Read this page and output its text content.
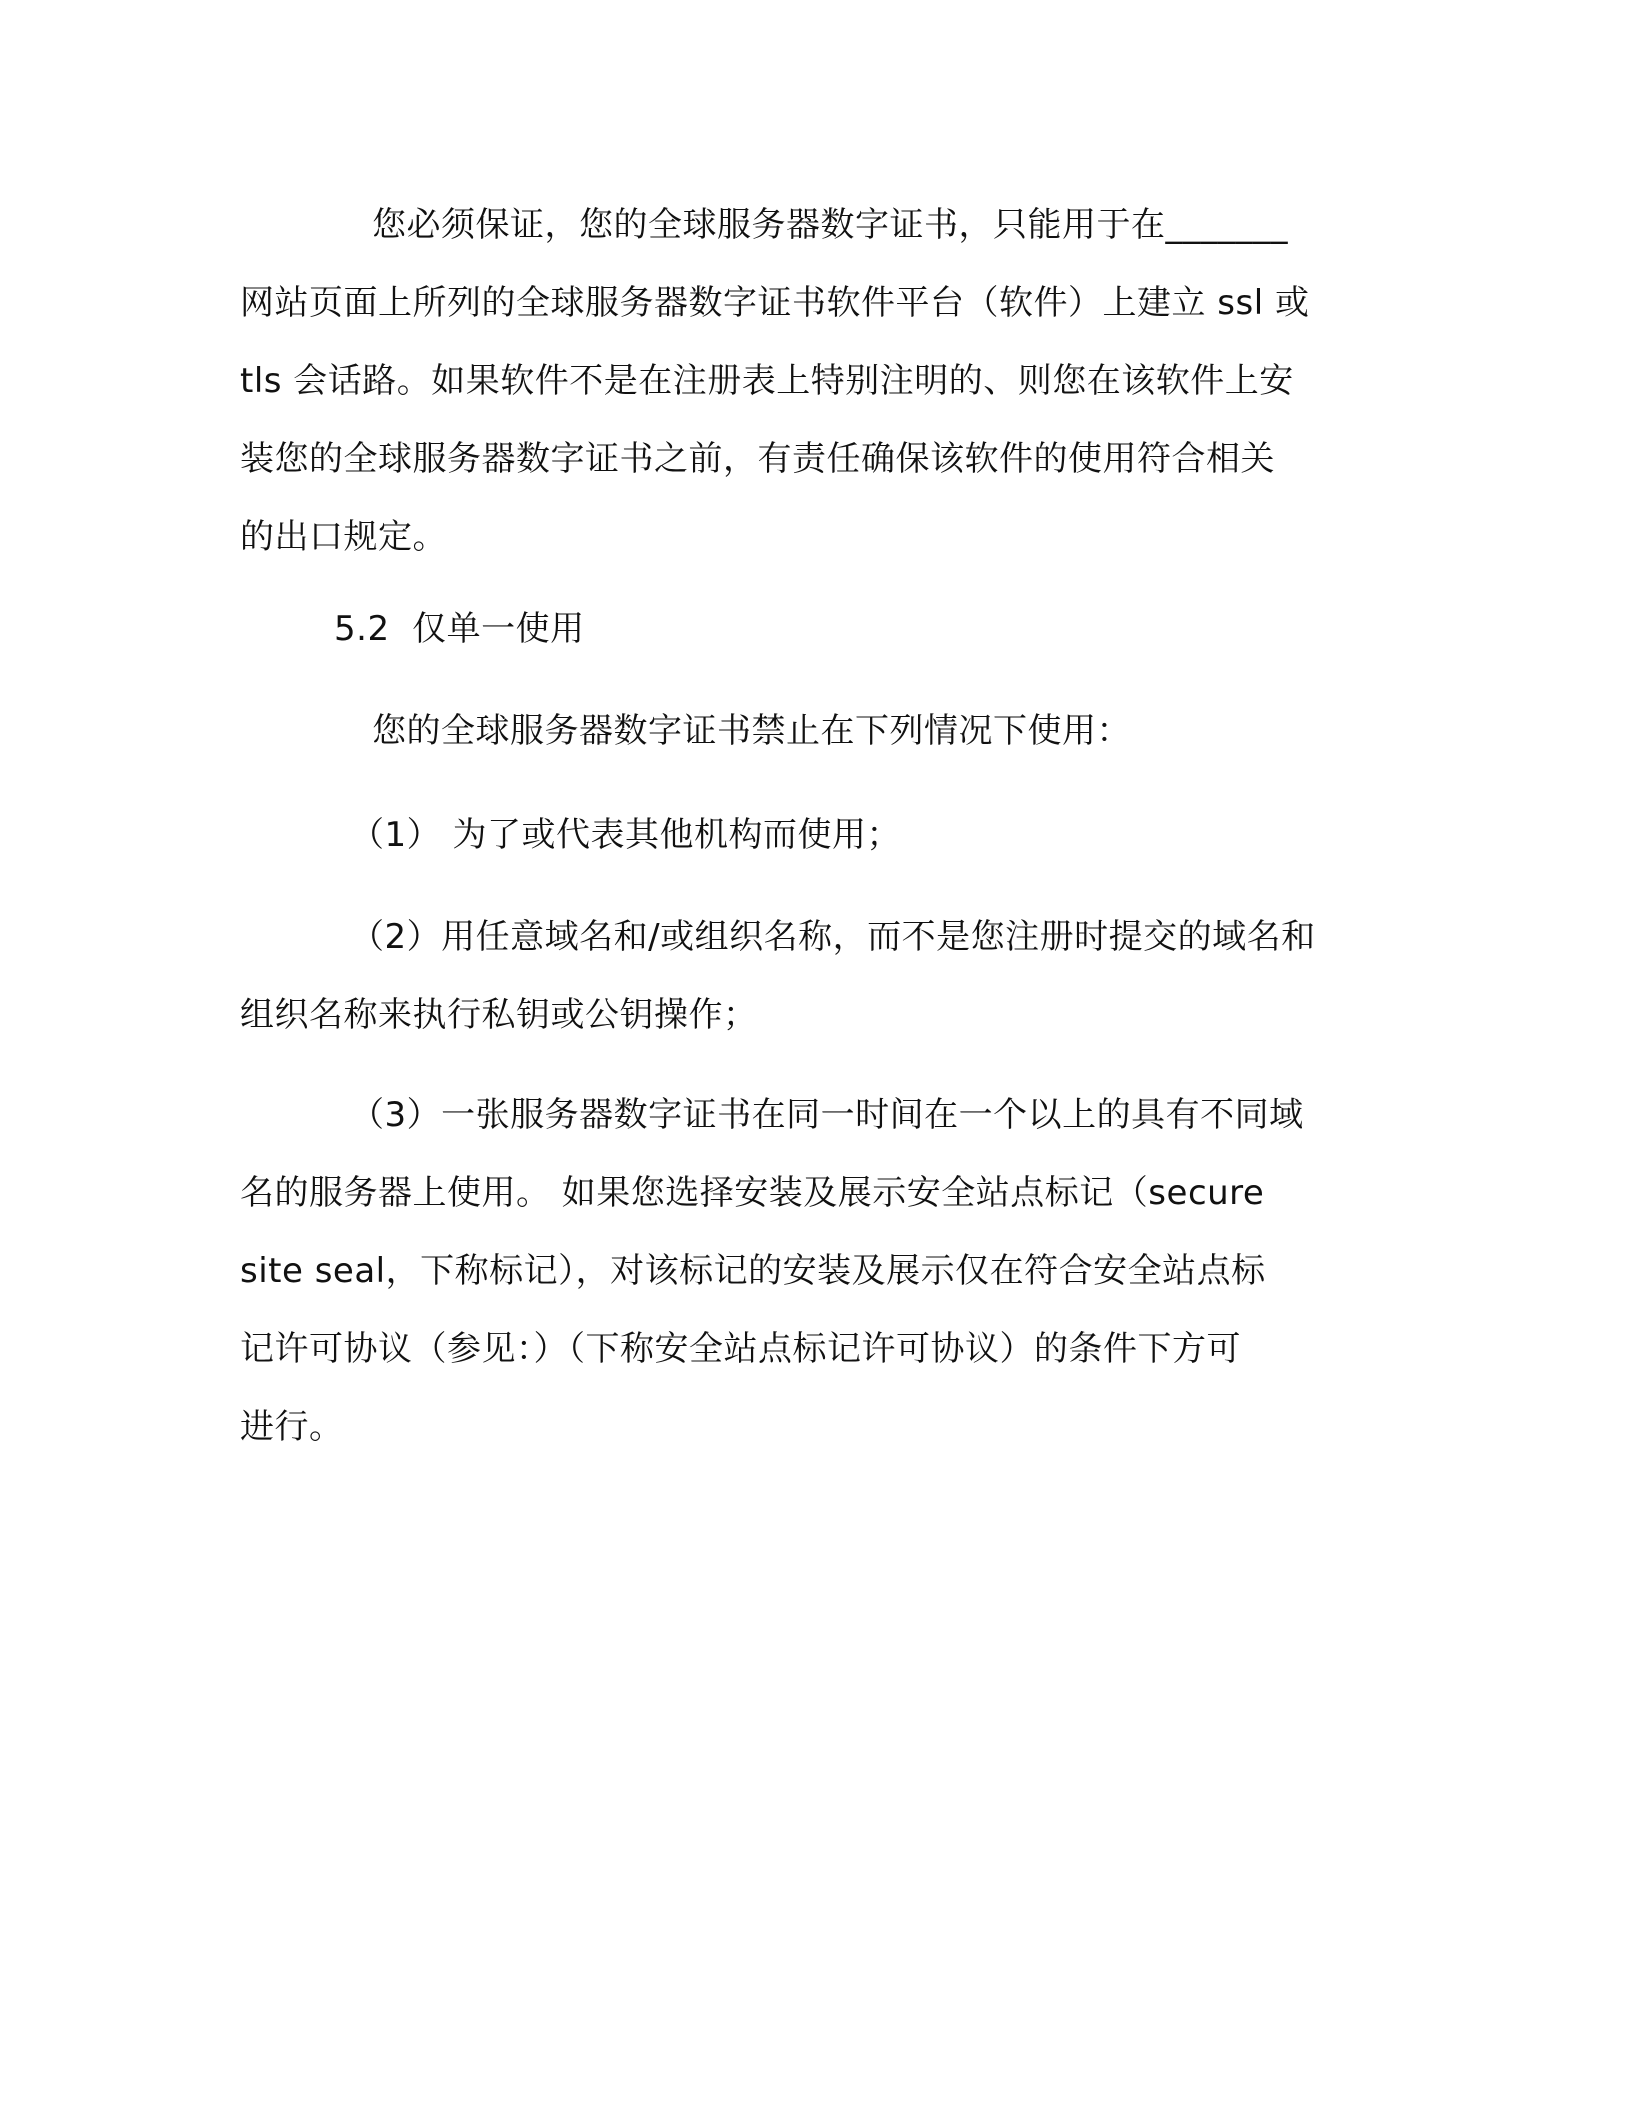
您必须保证，您的全球服务器数字证书，只能用于在_______
网站页面上所列的全球服务器数字证书软件平台（软件）上建立 ssl 或
tls 会话路。如果软件不是在注册表上特别注明的、则您在该软件上安
装您的全球服务器数字证书之前，有责任确保该软件的使用符合相关
的出口规定。
5.2  仅单一使用
您的全球服务器数字证书禁止在下列情况下使用：
（1） 为了或代表其他机构而使用；
（2）用任意域名和/或组织名称，而不是您注册时提交的域名和
组织名称来执行私钥或公钥操作；
（3）一张服务器数字证书在同一时间在一个以上的具有不同域
名的服务器上使用。 如果您选择安装及展示安全站点标记（secure
site seal，下称标记），对该标记的安装及展示仅在符合安全站点标
记许可协议（参见：）（下称安全站点标记许可协议）的条件下方可
进行。
